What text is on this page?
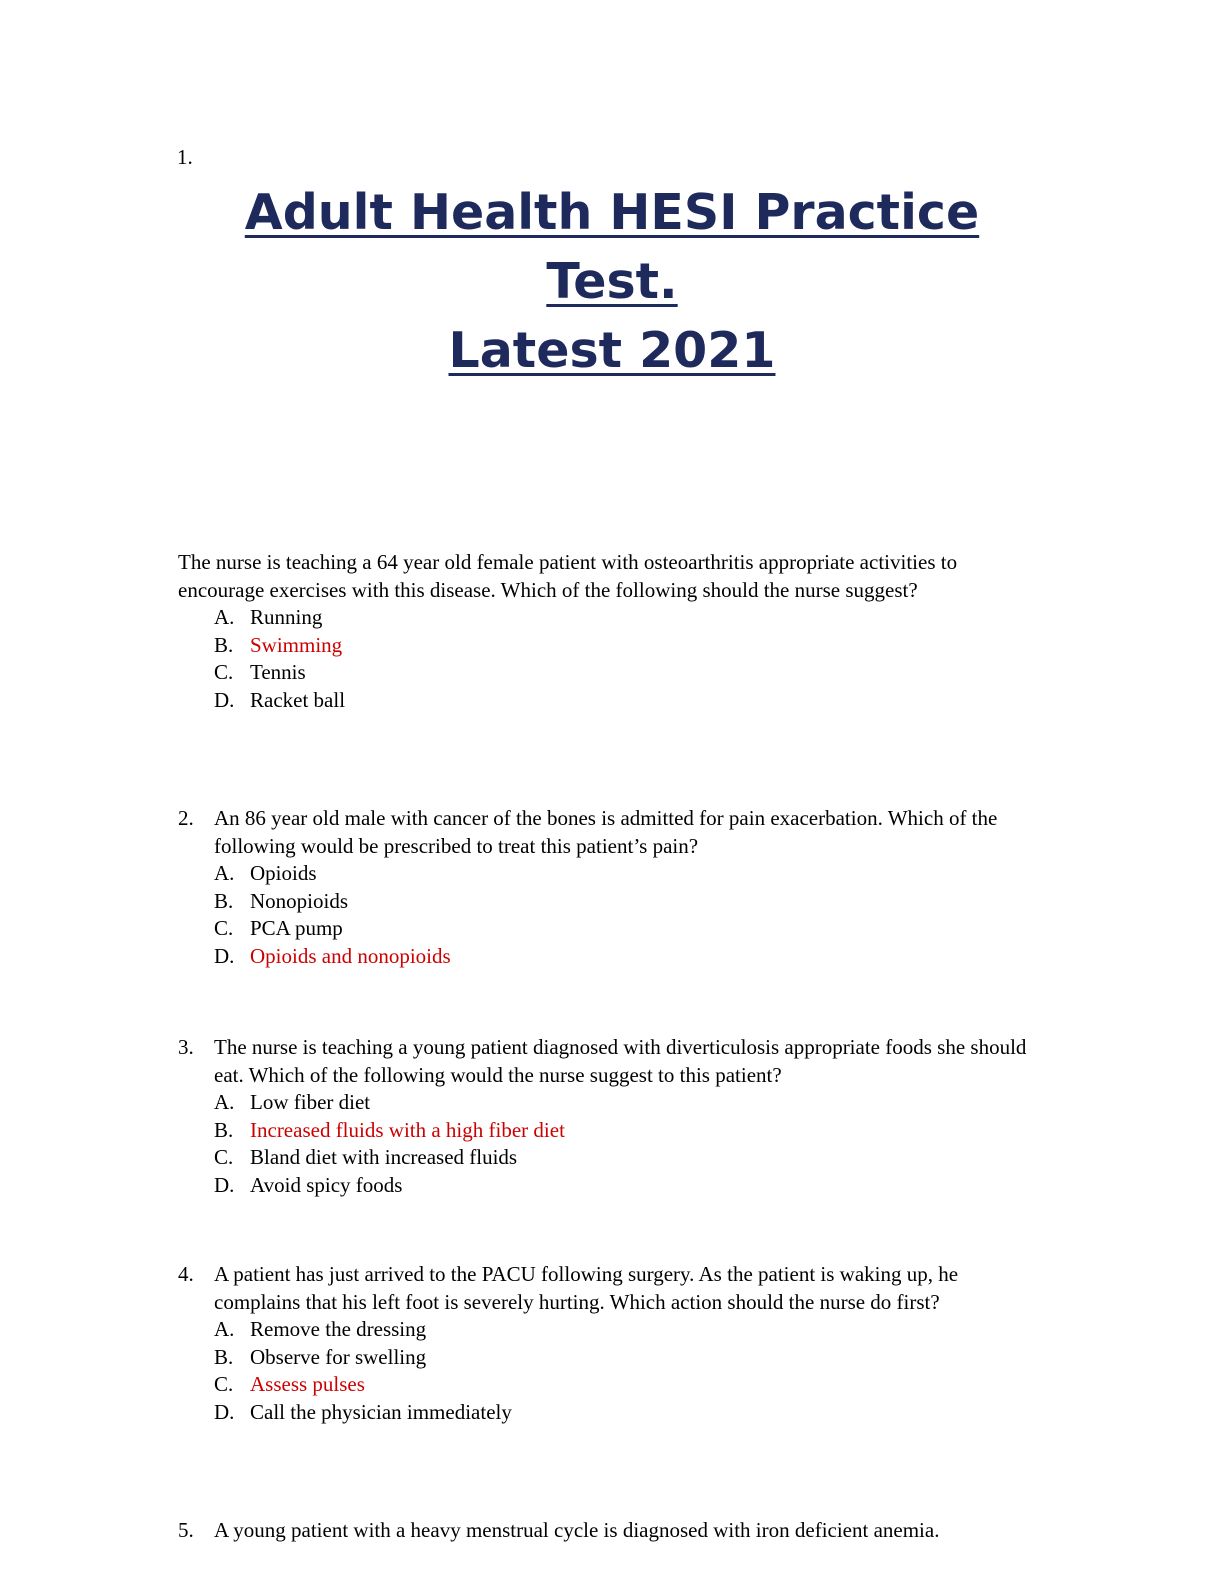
1.
Adult Health HESI Practice
Test.
Latest 2021
The nurse is teaching a 64 year old female patient with osteoarthritis appropriate activities to encourage exercises with this disease. Which of the following should the nurse suggest?
A. Running
B. Swimming
C. Tennis
D. Racket ball
2. An 86 year old male with cancer of the bones is admitted for pain exacerbation. Which of the following would be prescribed to treat this patient’s pain?
A. Opioids
B. Nonopioids
C. PCA pump
D. Opioids and nonopioids
3. The nurse is teaching a young patient diagnosed with diverticulosis appropriate foods she should eat. Which of the following would the nurse suggest to this patient?
A. Low fiber diet
B. Increased fluids with a high fiber diet
C. Bland diet with increased fluids
D. Avoid spicy foods
4. A patient has just arrived to the PACU following surgery. As the patient is waking up, he complains that his left foot is severely hurting. Which action should the nurse do first?
A. Remove the dressing
B. Observe for swelling
C. Assess pulses
D. Call the physician immediately
5. A young patient with a heavy menstrual cycle is diagnosed with iron deficient anemia.
